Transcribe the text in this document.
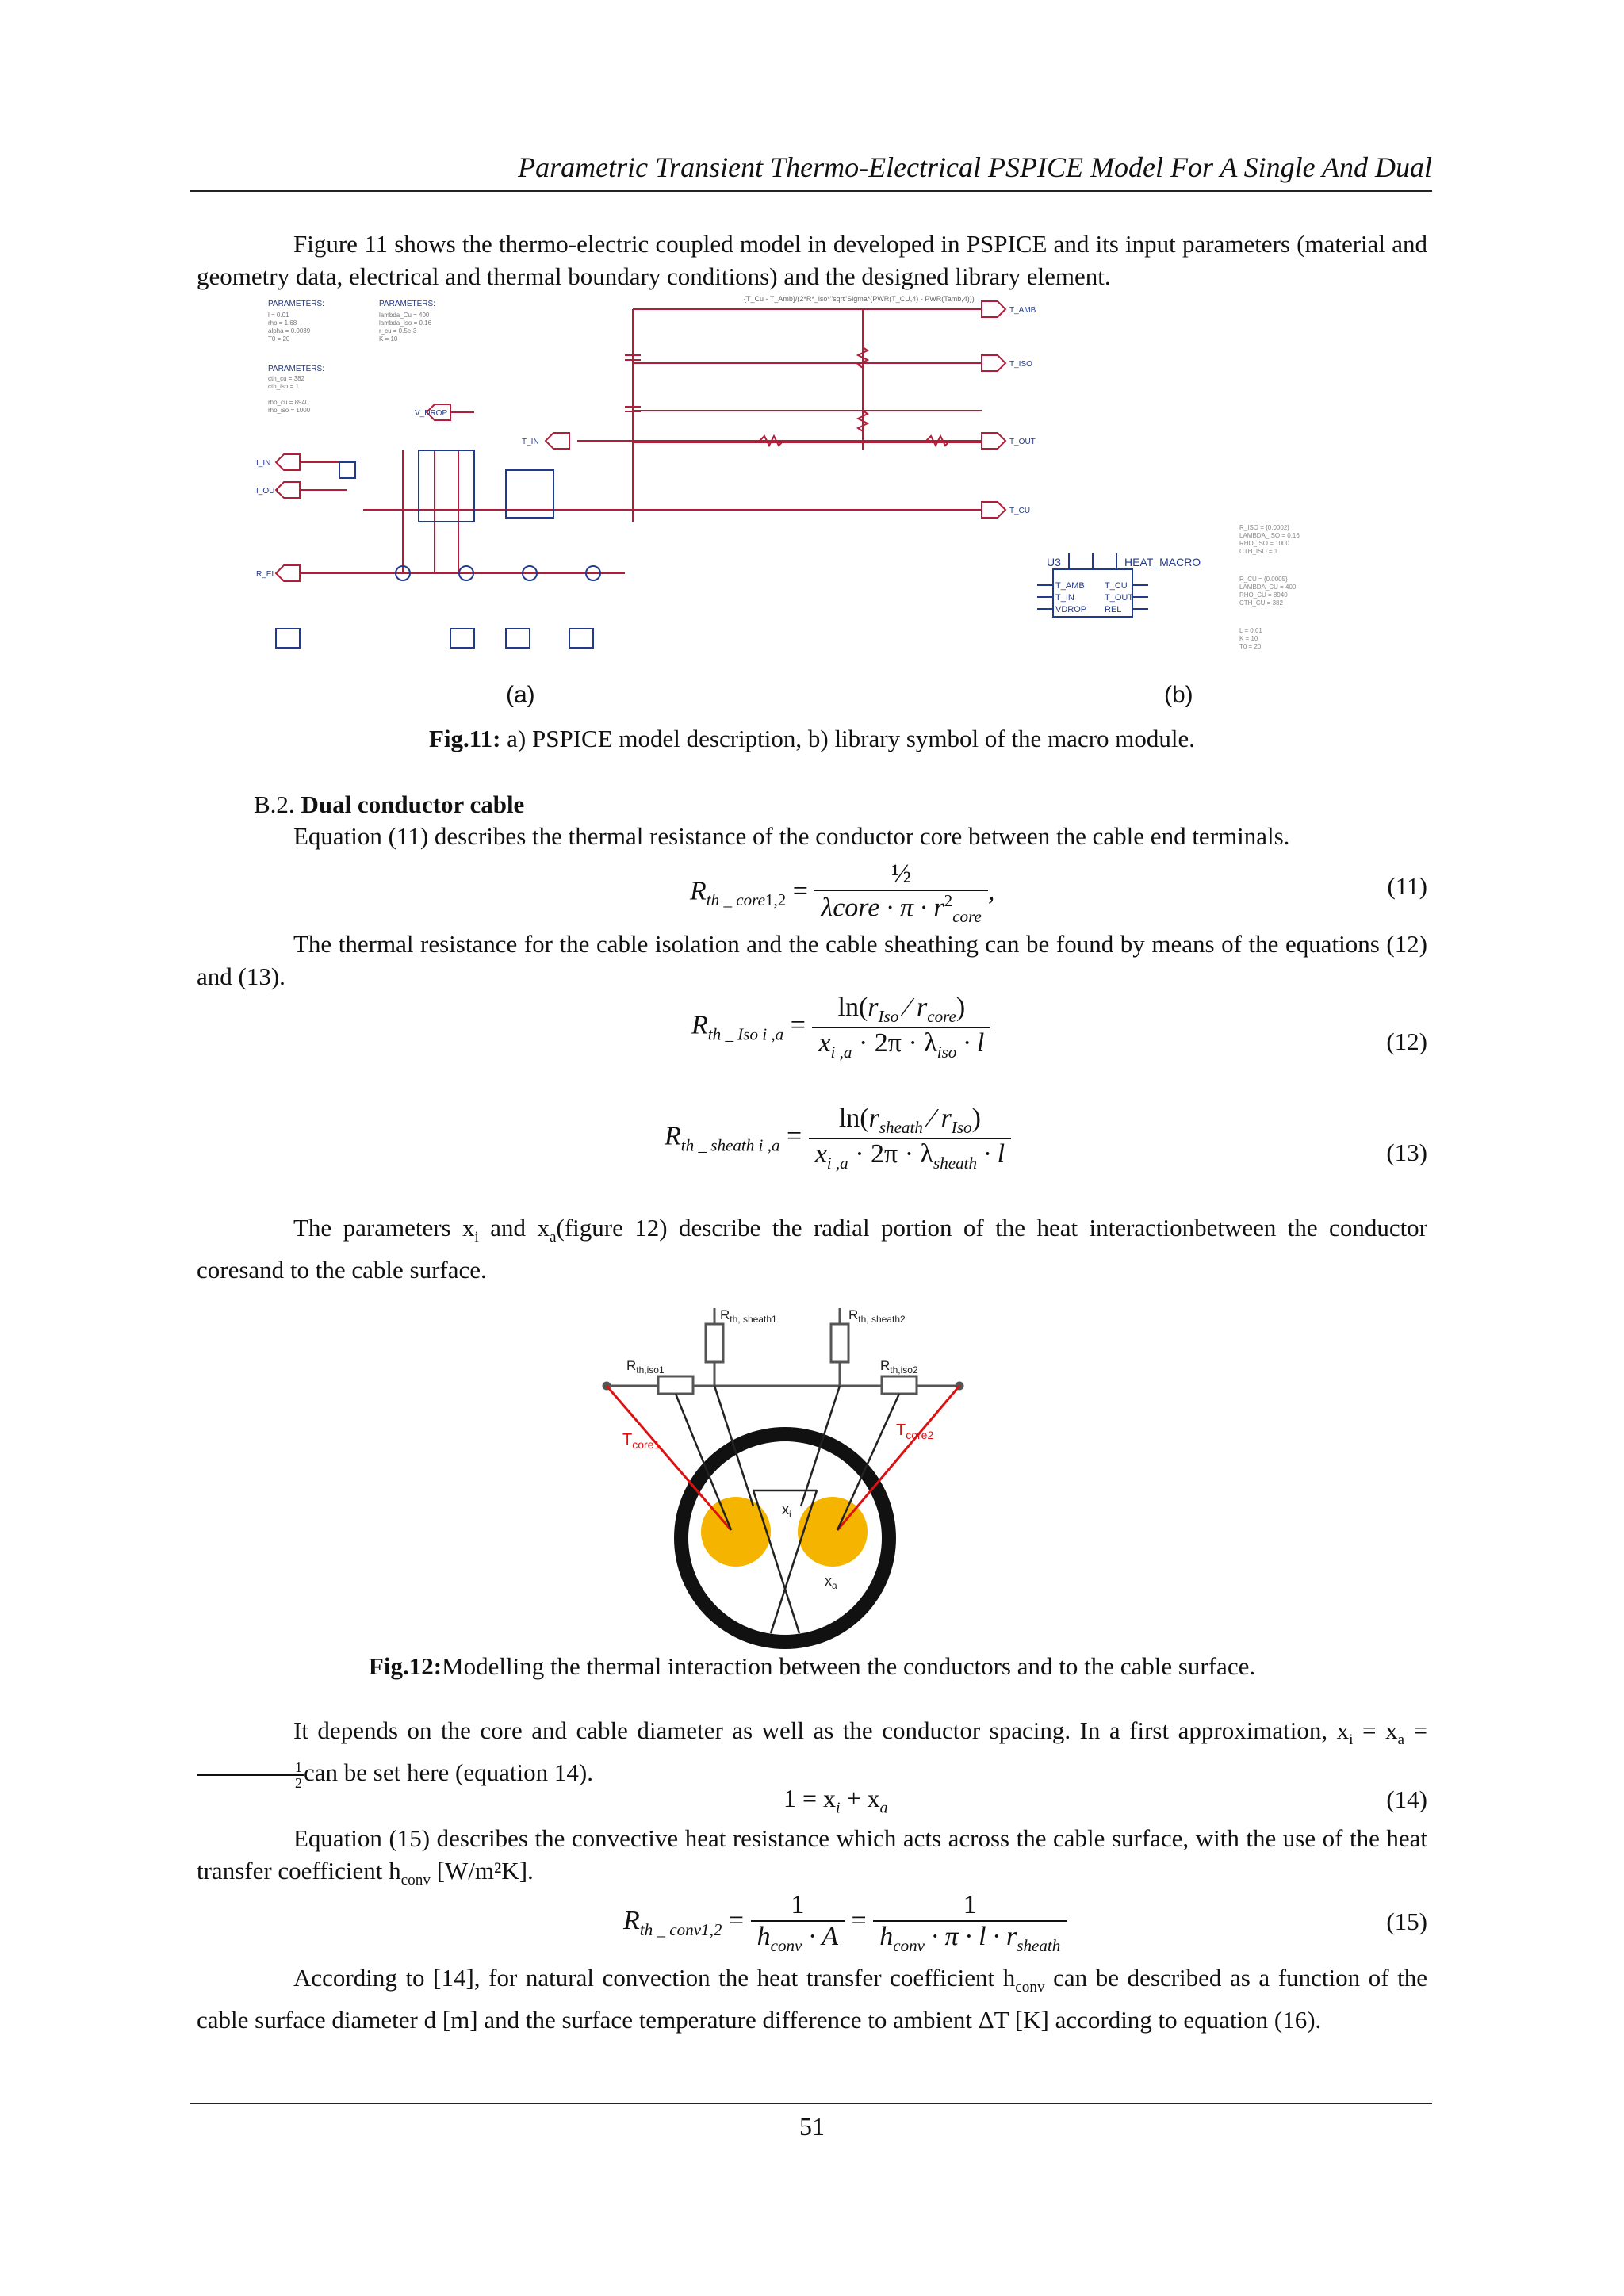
Parametric Transient Thermo-Electrical PSPICE Model For A Single And Dual
Figure 11 shows the thermo-electric coupled model in developed in PSPICE and its input parameters (material and geometry data, electrical and thermal boundary conditions) and the designed library element.
PARAMETERS:	PARAMETERS:
PARAMETERS:
l = 0.01
rho = 1.68
alpha = 0.0039
T0 = 20
lambda_Cu = 400
lambda_Iso = 0.16
r_cu = 0.5e-3
K = 10
cth_cu = 382
cth_iso = 1
rho_cu = 8940
rho_iso = 1000
T_AMB
T_ISO
T_OUT
T_CU
T_IN
I_IN
I_OUT
V_DROP
R_EL
{T_Cu - T_Amb}/(2*R*_iso*"sqrt"Sigma*(PWR(T_CU,4) - PWR(Tamb,4)))
U3	HEAT_MACRO
T_AMB
T_IN
VDROP
T_CU
T_OUT
REL
R_ISO = {0.0002}
LAMBDA_ISO = 0.16
RHO_ISO = 1000
CTH_ISO = 1
R_CU = {0.0005}
LAMBDA_CU = 400
RHO_CU = 8940
CTH_CU = 382
L = 0.01
K = 10
T0 = 20
(a)	(b)
Fig.11: a) PSPICE model description, b) library symbol of the macro module.
B.2. Dual conductor cable
Equation (11) describes the thermal resistance of the conductor core between the cable end terminals.
$R_{th \_ core1,2} = \frac{\text{½}}{\lambda core \cdot \pi \cdot r^2_{core}}$ ,	(11)
The thermal resistance for the cable isolation and the cable sheathing can be found by means of the equations (12) and (13).
$R_{th \_ Iso i ,a} = \frac{\ln(r_{Iso} ⁄ r_{core})}{x_{i ,a} \cdot 2\pi \cdot \lambda_{iso} \cdot l}$	(12)
$R_{th \_ sheath i ,a} = \frac{\ln(r_{sheath} ⁄ r_{Iso})}{x_{i ,a} \cdot 2\pi \cdot \lambda_{sheath} \cdot l}$	(13)
The parameters $x_i$ and $x_a(figure$ 12) describe the radial portion of the heat interactionbetween the conductor coresand to the cable surface.
$R_{th, sheath1}$	$R_{th, sheath2}$
$R_{th,iso1}$	$R_{th,iso2}$
$T_{core1}$
$T_{core2}$
$x_i$
$x_a$
Fig.12:Modelling the thermal interaction between the conductors and to the cable surface.
It depends on the core and cable diameter as well as the conductor spacing. In a first approximation, $x_i = x_a$ =
$\frac{1}{2}$ can be set here (equation 14).
$1 = x_i + x_a$	(14)
Equation (15) describes the convective heat resistance which acts across the cable surface, with the use of the heat transfer coefficient $h_{conv}$ [W/m²K].
$R_{th \_ conv1,2} = \frac{1}{h_{conv} \cdot A} = \frac{1}{h_{conv} \cdot \pi \cdot l \cdot r_{sheath}}$	(15)
According to [14], for natural convection the heat transfer coefficient $h_{conv}$ can be described as a function of the cable surface diameter d [m] and the surface temperature difference to ambient ΔT [K] according to equation (16).
51
